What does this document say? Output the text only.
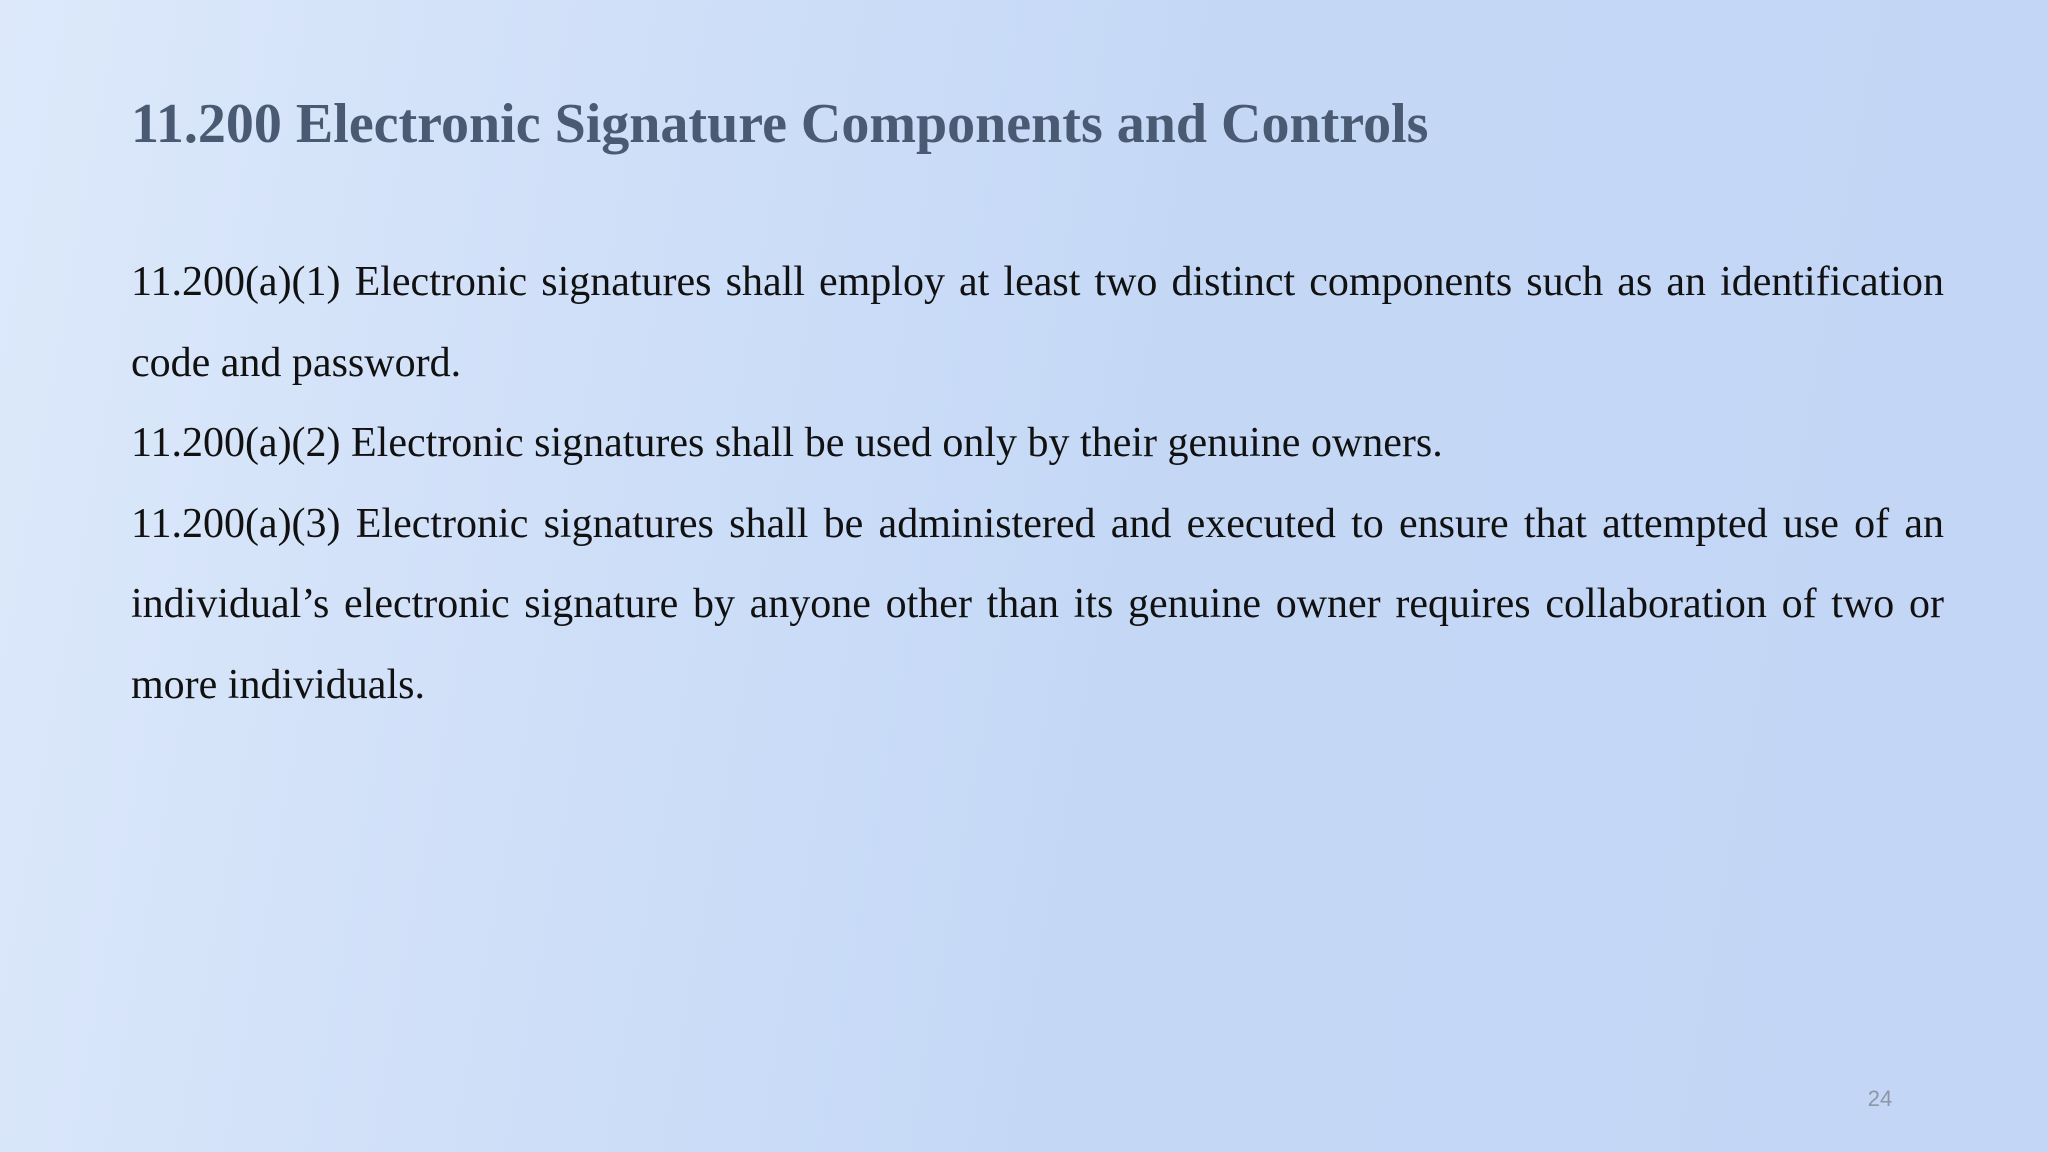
11.200 Electronic Signature Components and Controls

11.200(a)(1) Electronic signatures shall employ at least two distinct components such as an identification code and password.

11.200(a)(2) Electronic signatures shall be used only by their genuine owners.

11.200(a)(3) Electronic signatures shall be administered and executed to ensure that attempted use of an individual’s electronic signature by anyone other than its genuine owner requires collaboration of two or more individuals.

24
